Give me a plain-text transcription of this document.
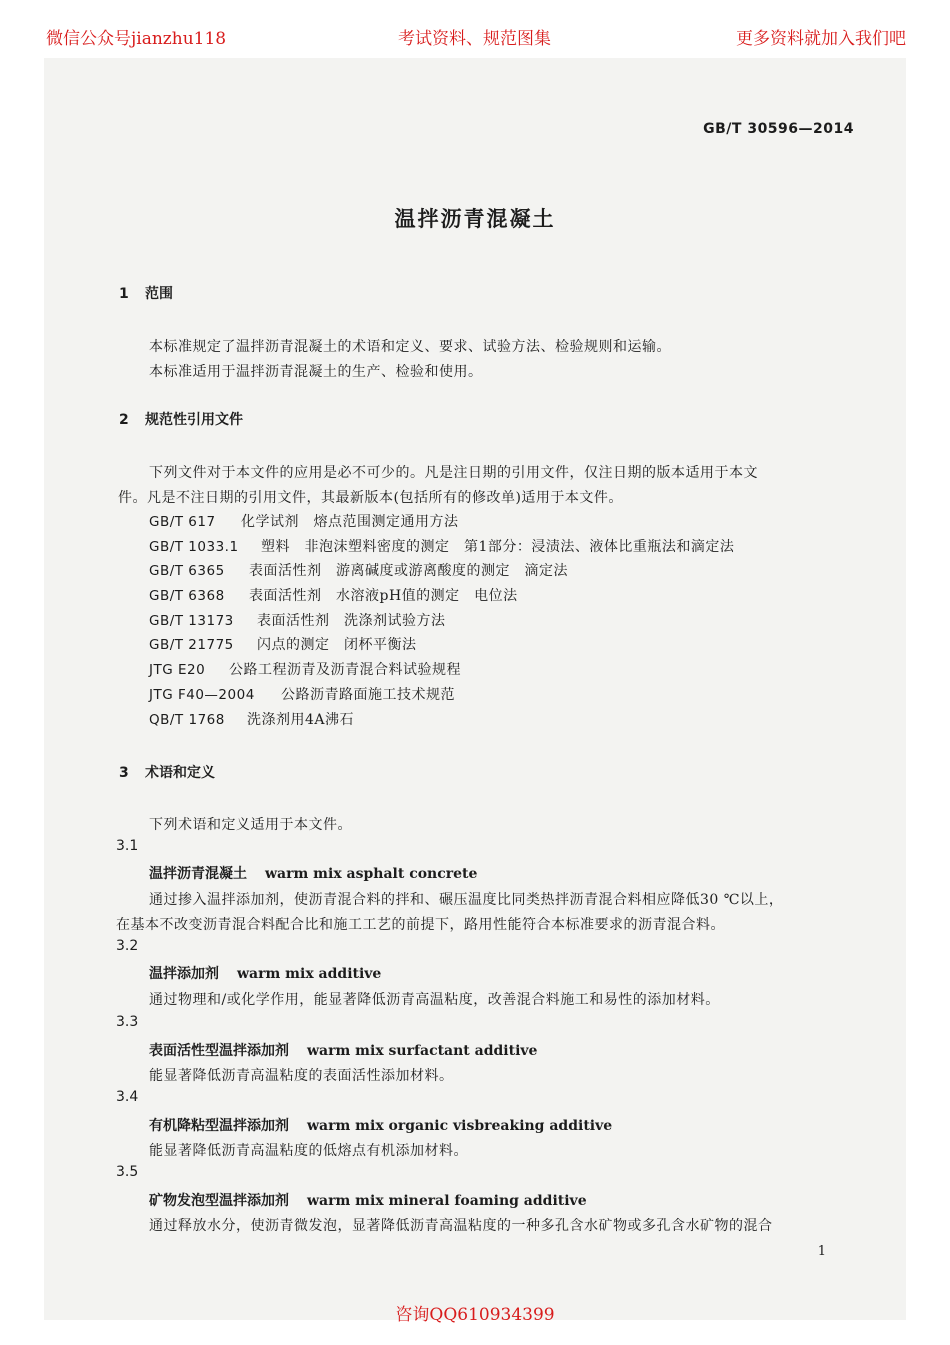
微信公众号jianzhu118	考试资料、规范图集	更多资料就加入我们吧
GB/T 30596—2014
温拌沥青混凝土
1 范围
本标准规定了温拌沥青混凝土的术语和定义、要求、试验方法、检验规则和运输。
本标准适用于温拌沥青混凝土的生产、检验和使用。
2 规范性引用文件
下列文件对于本文件的应用是必不可少的。凡是注日期的引用文件，仅注日期的版本适用于本文
件。凡是不注日期的引用文件，其最新版本(包括所有的修改单)适用于本文件。
GB/T 617 化学试剂　熔点范围测定通用方法
GB/T 1033.1 塑料　非泡沫塑料密度的测定　第1部分：浸渍法、液体比重瓶法和滴定法
GB/T 6365 表面活性剂　游离碱度或游离酸度的测定　滴定法
GB/T 6368 表面活性剂　水溶液pH值的测定　电位法
GB/T 13173 表面活性剂　洗涤剂试验方法
GB/T 21775 闪点的测定　闭杯平衡法
JTG E20 公路工程沥青及沥青混合料试验规程
JTG F40—2004 公路沥青路面施工技术规范
QB/T 1768 洗涤剂用4A沸石
3 术语和定义
下列术语和定义适用于本文件。
3.1
温拌沥青混凝土 warm mix asphalt concrete
通过掺入温拌添加剂，使沥青混合料的拌和、碾压温度比同类热拌沥青混合料相应降低30 ℃以上，
在基本不改变沥青混合料配合比和施工工艺的前提下，路用性能符合本标准要求的沥青混合料。
3.2
温拌添加剂 warm mix additive
通过物理和/或化学作用，能显著降低沥青高温粘度，改善混合料施工和易性的添加材料。
3.3
表面活性型温拌添加剂 warm mix surfactant additive
能显著降低沥青高温粘度的表面活性添加材料。
3.4
有机降粘型温拌添加剂 warm mix organic visbreaking additive
能显著降低沥青高温粘度的低熔点有机添加材料。
3.5
矿物发泡型温拌添加剂 warm mix mineral foaming additive
通过释放水分，使沥青微发泡，显著降低沥青高温粘度的一种多孔含水矿物或多孔含水矿物的混合
1
咨询QQ610934399
